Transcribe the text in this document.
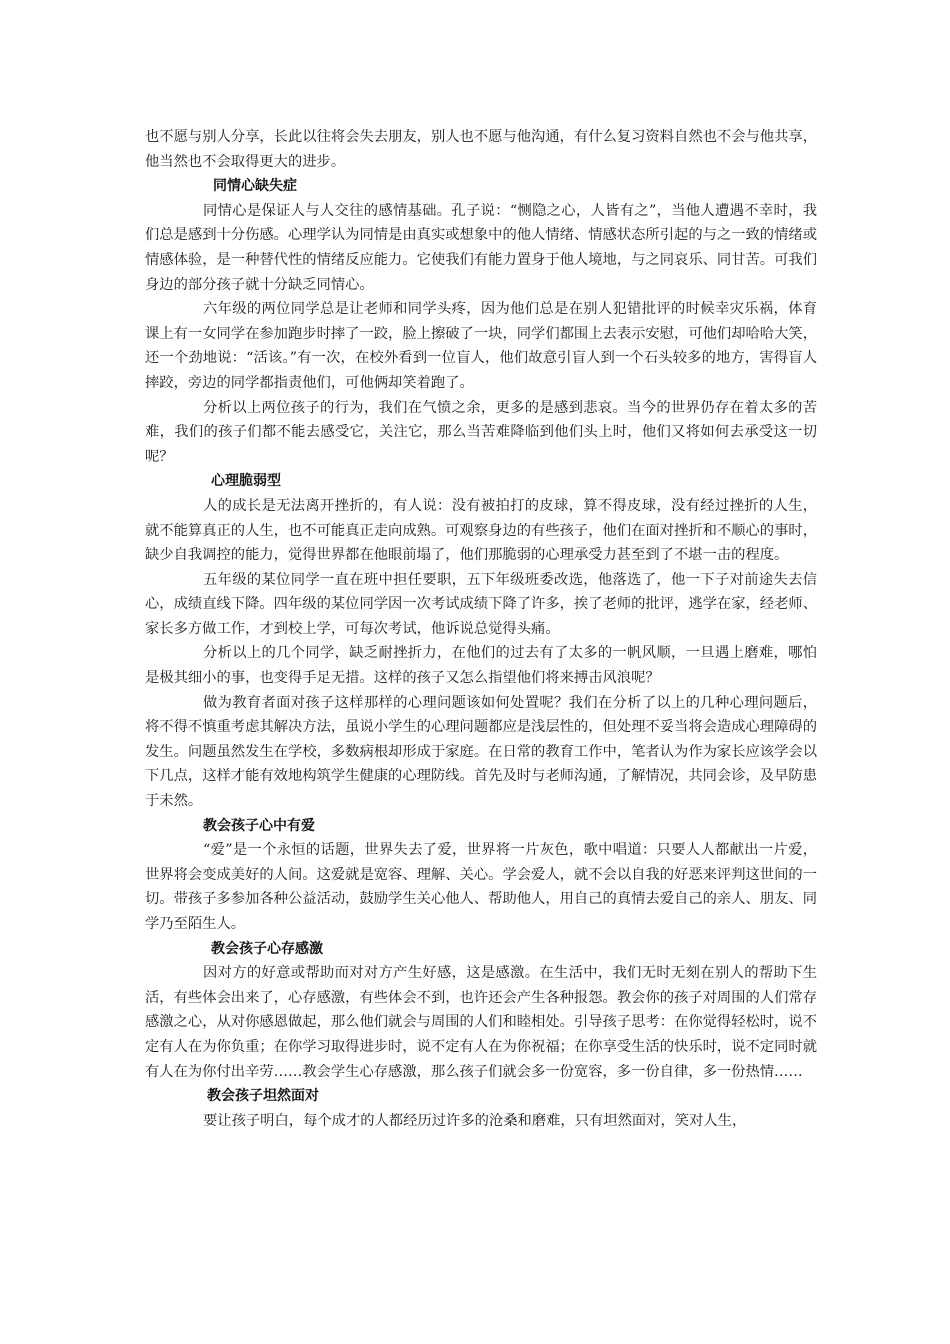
也不愿与别人分享，长此以往将会失去朋友，别人也不愿与他沟通，有什么复习资料自然也不会与他共享，他当然也不会取得更大的进步。

同情心缺失症

同情心是保证人与人交往的感情基础。孔子说：“恻隐之心，人皆有之”，当他人遭遇不幸时，我们总是感到十分伤感。心理学认为同情是由真实或想象中的他人情绪、情感状态所引起的与之一致的情绪或情感体验，是一种替代性的情绪反应能力。它使我们有能力置身于他人境地，与之同哀乐、同甘苦。可我们身边的部分孩子就十分缺乏同情心。

六年级的两位同学总是让老师和同学头疼，因为他们总是在别人犯错批评的时候幸灾乐祸，体育课上有一女同学在参加跑步时摔了一跤，脸上擦破了一块，同学们都围上去表示安慰，可他们却哈哈大笑，还一个劲地说：“活该。”有一次，在校外看到一位盲人，他们故意引盲人到一个石头较多的地方，害得盲人摔跤，旁边的同学都指责他们，可他俩却笑着跑了。

分析以上两位孩子的行为，我们在气愤之余，更多的是感到悲哀。当今的世界仍存在着太多的苦难，我们的孩子们都不能去感受它，关注它，那么当苦难降临到他们头上时，他们又将如何去承受这一切呢？

心理脆弱型

人的成长是无法离开挫折的，有人说：没有被拍打的皮球，算不得皮球，没有经过挫折的人生，就不能算真正的人生，也不可能真正走向成熟。可观察身边的有些孩子，他们在面对挫折和不顺心的事时，缺少自我调控的能力，觉得世界都在他眼前塌了，他们那脆弱的心理承受力甚至到了不堪一击的程度。

五年级的某位同学一直在班中担任要职，五下年级班委改选，他落选了，他一下子对前途失去信心，成绩直线下降。四年级的某位同学因一次考试成绩下降了许多，挨了老师的批评，逃学在家，经老师、家长多方做工作，才到校上学，可每次考试，他诉说总觉得头痛。

分析以上的几个同学，缺乏耐挫折力，在他们的过去有了太多的一帆风顺，一旦遇上磨难，哪怕是极其细小的事，也变得手足无措。这样的孩子又怎么指望他们将来搏击风浪呢？

做为教育者面对孩子这样那样的心理问题该如何处置呢？我们在分析了以上的几种心理问题后，将不得不慎重考虑其解决方法，虽说小学生的心理问题都应是浅层性的，但处理不妥当将会造成心理障碍的发生。问题虽然发生在学校，多数病根却形成于家庭。在日常的教育工作中，笔者认为作为家长应该学会以下几点，这样才能有效地构筑学生健康的心理防线。首先及时与老师沟通，了解情况，共同会诊，及早防患于未然。

教会孩子心中有爱

“爱”是一个永恒的话题，世界失去了爱，世界将一片灰色，歌中唱道：只要人人都献出一片爱，世界将会变成美好的人间。这爱就是宽容、理解、关心。学会爱人，就不会以自我的好恶来评判这世间的一切。带孩子多参加各种公益活动，鼓励学生关心他人、帮助他人，用自己的真情去爱自己的亲人、朋友、同学乃至陌生人。

教会孩子心存感激

因对方的好意或帮助而对对方产生好感，这是感激。在生活中，我们无时无刻在别人的帮助下生活，有些体会出来了，心存感激，有些体会不到，也许还会产生各种报怨。教会你的孩子对周围的人们常存感激之心，从对你感恩做起，那么他们就会与周围的人们和睦相处。引导孩子思考：在你觉得轻松时，说不定有人在为你负重；在你学习取得进步时，说不定有人在为你祝福；在你享受生活的快乐时，说不定同时就有人在为你付出辛劳……教会学生心存感激，那么孩子们就会多一份宽容，多一份自律，多一份热情……

教会孩子坦然面对

要让孩子明白，每个成才的人都经历过许多的沧桑和磨难，只有坦然面对，笑对人生，
